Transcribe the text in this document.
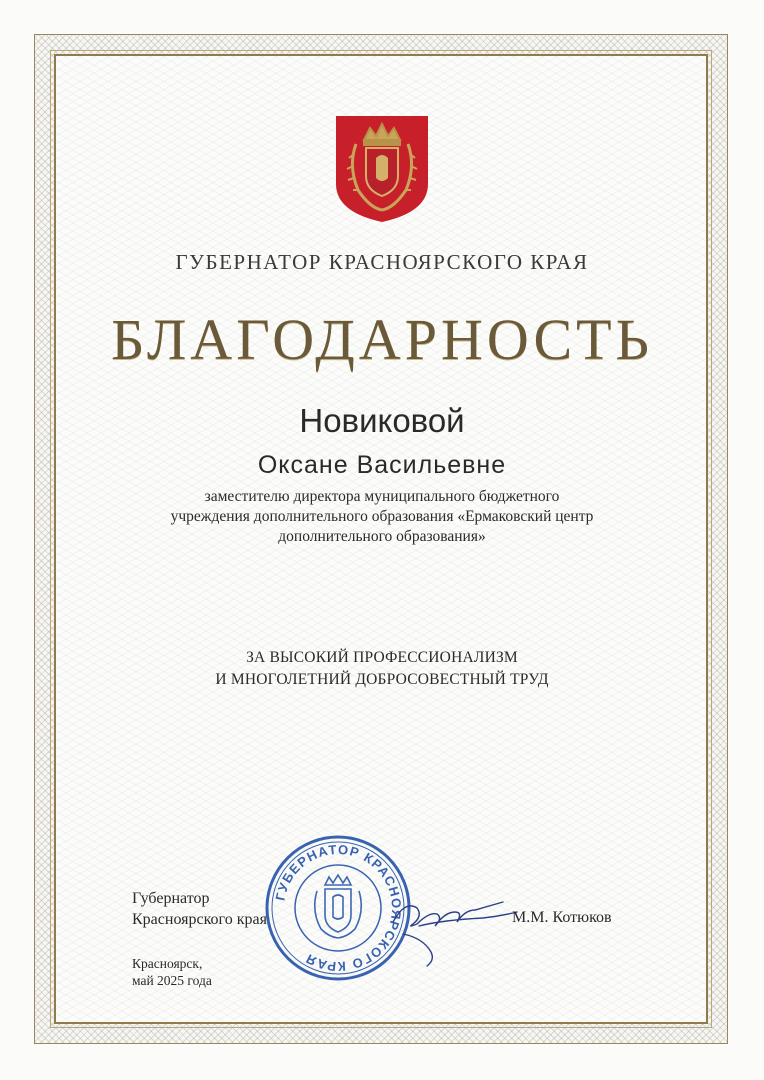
ГУБЕРНАТОР КРАСНОЯРСКОГО КРАЯ
БЛАГОДАРНОСТЬ
Новиковой
Оксане Васильевне
заместителю директора муниципального бюджетного
учреждения дополнительного образования «Ермаковский центр
дополнительного образования»
ЗА ВЫСОКИЙ ПРОФЕССИОНАЛИЗМ
И МНОГОЛЕТНИЙ ДОБРОСОВЕСТНЫЙ ТРУД
ГУБЕРНАТОР КРАСНОЯРСКОГО КРАЯ
Губернатор
Красноярского края	М.М. Котюков
Красноярск,
май 2025 года
